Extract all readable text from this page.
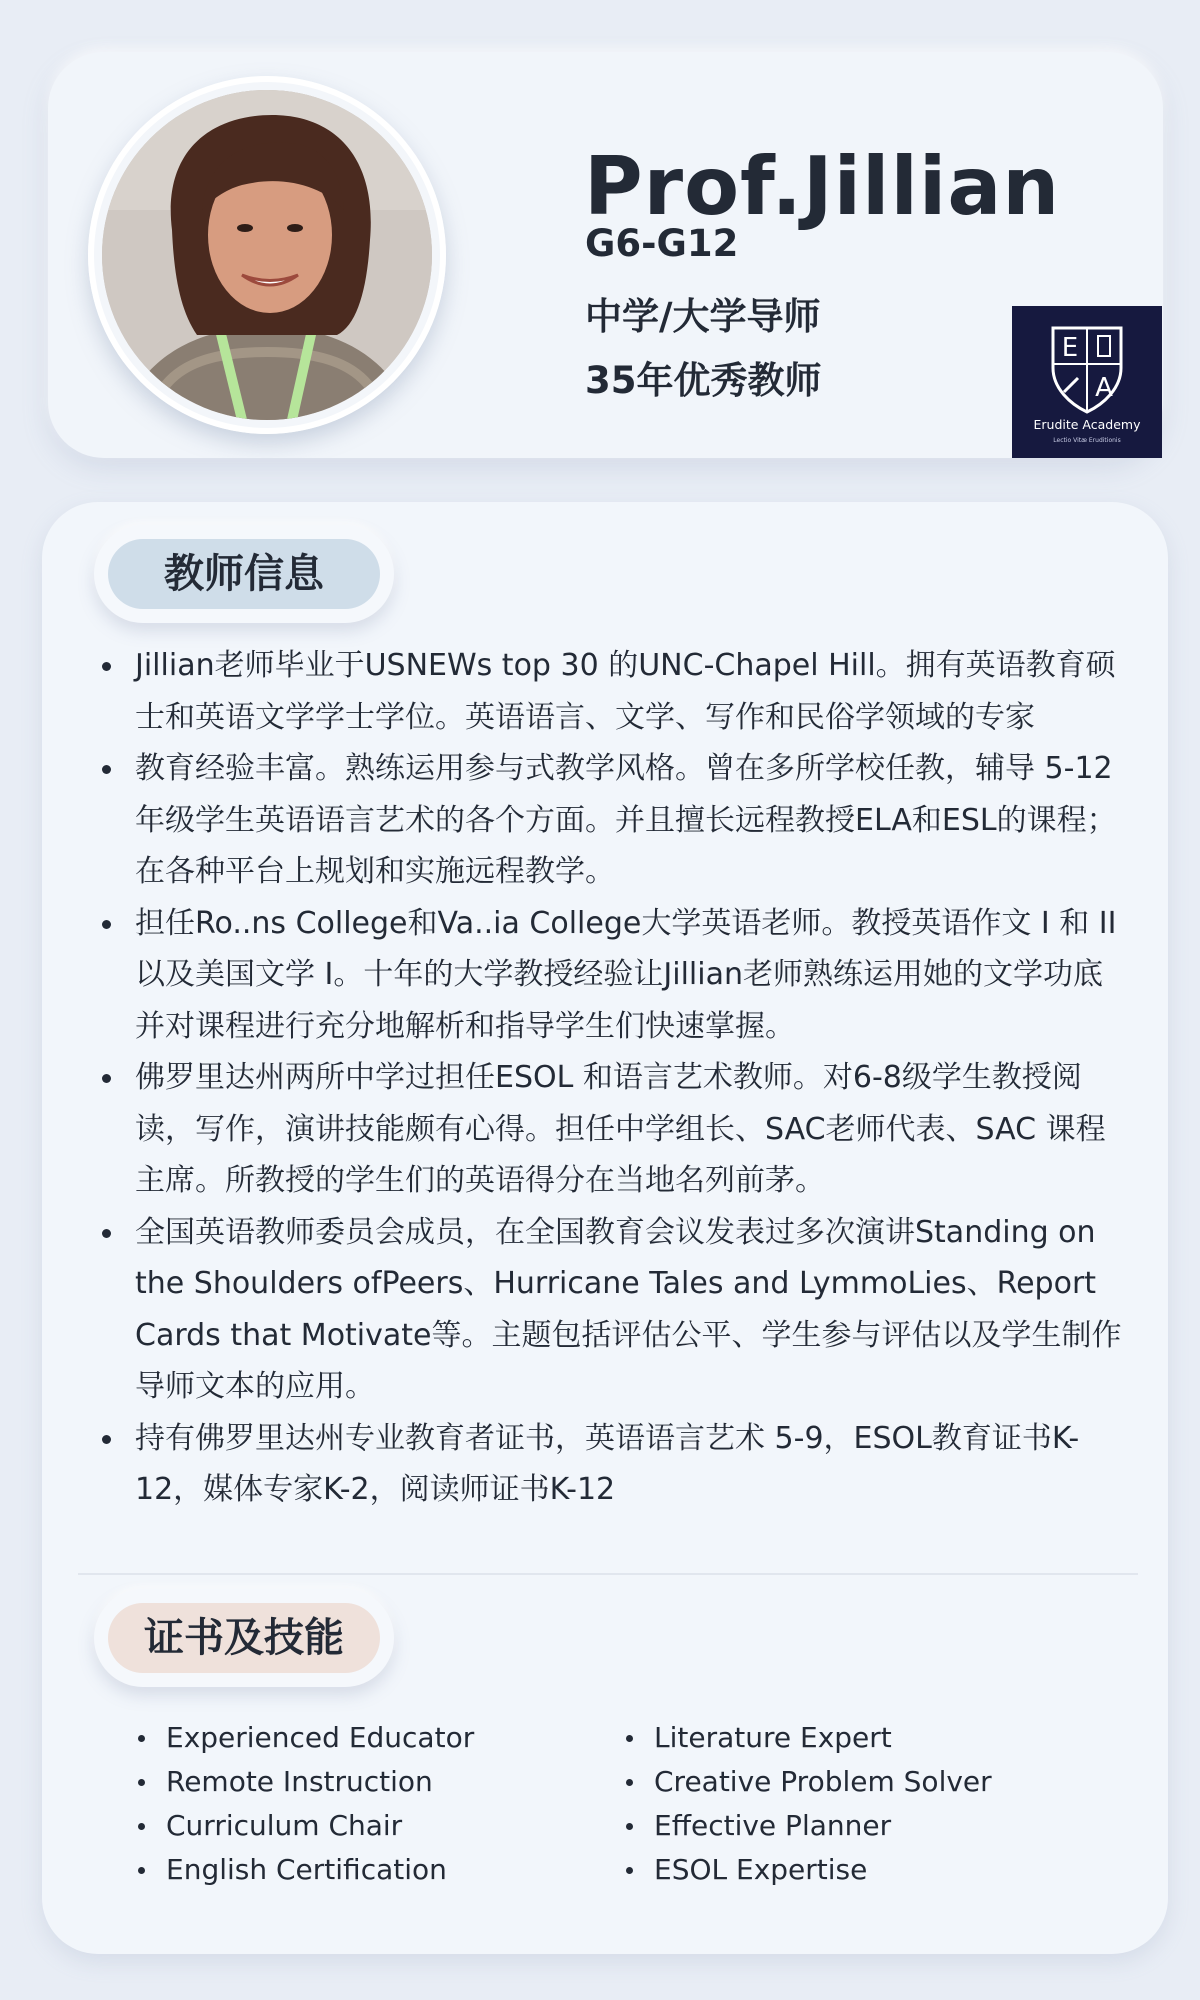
Prof.Jillian
G6-G12
中学/大学导师
35年优秀教师
E
A
Erudite Academy
Lectio Vitæ Eruditionis
教师信息
Jillian老师毕业于USNEWs top 30 的UNC-Chapel Hill。拥有英语教育硕士和英语文学学士学位。英语语言、文学、写作和民俗学领域的专家
教育经验丰富。熟练运用参与式教学风格。曾在多所学校任教，辅导 5-12 年级学生英语语言艺术的各个方面。并且擅长远程教授ELA和ESL的课程；在各种平台上规划和实施远程教学。
担任Ro..ns College和Va..ia College大学英语老师。教授英语作文 I 和 II 以及美国文学 I。十年的大学教授经验让Jillian老师熟练运用她的文学功底并对课程进行充分地解析和指导学生们快速掌握。
佛罗里达州两所中学过担任ESOL 和语言艺术教师。对6-8级学生教授阅读，写作，演讲技能颇有心得。担任中学组长、SAC老师代表、SAC 课程主席。所教授的学生们的英语得分在当地名列前茅。
全国英语教师委员会成员，在全国教育会议发表过多次演讲Standing on the Shoulders ofPeers、Hurricane Tales and LymmoLies、Report Cards that Motivate等。主题包括评估公平、学生参与评估以及学生制作导师文本的应用。
持有佛罗里达州专业教育者证书，英语语言艺术 5-9，ESOL教育证书K-12，媒体专家K-2，阅读师证书K-12
证书及技能
Experienced Educator
Remote Instruction
Curriculum Chair
English Certification
Literature Expert
Creative Problem Solver
Effective Planner
ESOL Expertise
